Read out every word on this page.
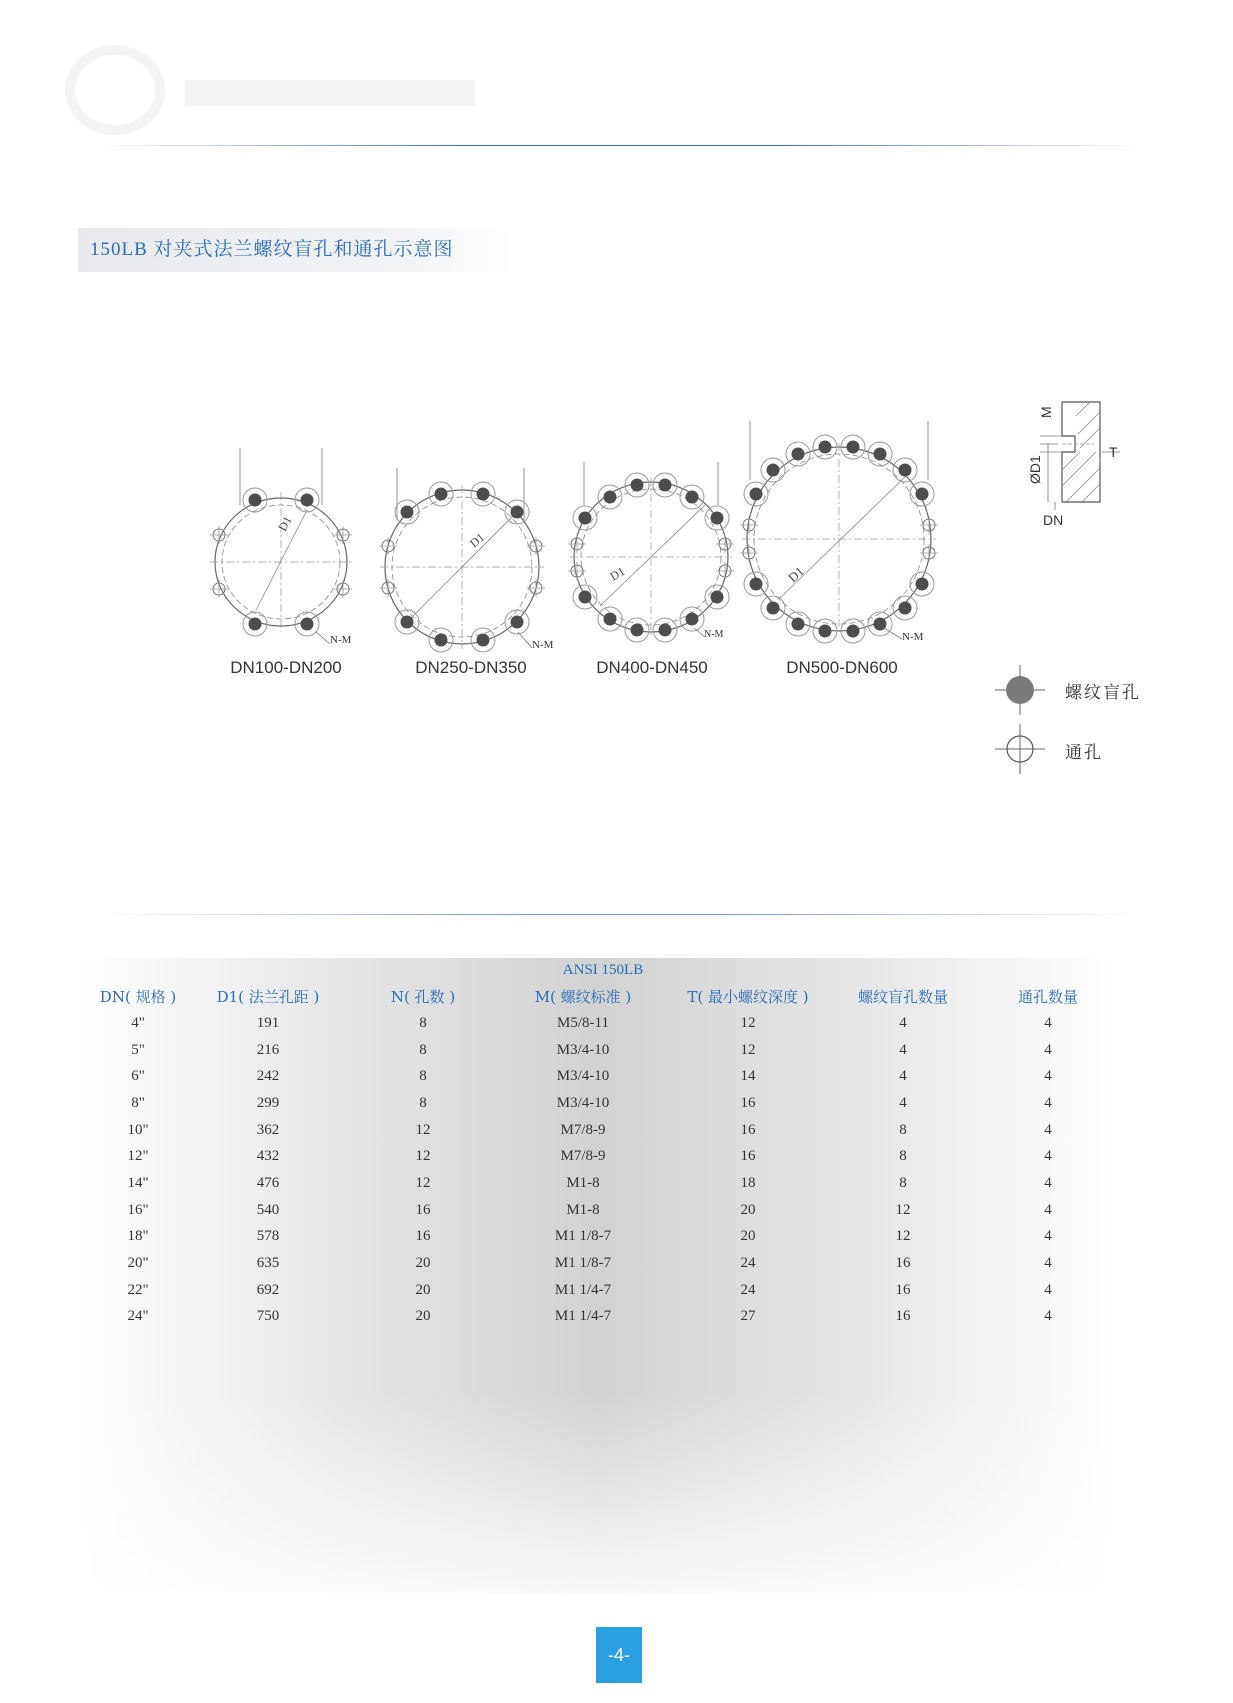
150LB 对夹式法兰螺纹盲孔和通孔示意图
N-M
D1
N-M
D1
N-M
D1
N-M
D1
M
ØD1
T
DN
DN100-DN200	DN250-DN350	DN400-DN450	DN500-DN600
螺纹盲孔
通孔
ANSI 150LB						
DN( 规格 )	D1( 法兰孔距 )	N( 孔数 )	M( 螺纹标准 )	T( 最小螺纹深度 )	螺纹盲孔数量	通孔数量
4"	191	8	M5/8-11	12	4	4
5"	216	8	M3/4-10	12	4	4
6"	242	8	M3/4-10	14	4	4
8"	299	8	M3/4-10	16	4	4
10"	362	12	M7/8-9	16	8	4
12"	432	12	M7/8-9	16	8	4
14"	476	12	M1-8	18	8	4
16"	540	16	M1-8	20	12	4
18"	578	16	M1 1/8-7	20	12	4
20"	635	20	M1 1/8-7	24	16	4
22"	692	20	M1 1/4-7	24	16	4
24"	750	20	M1 1/4-7	27	16	4
-4-
